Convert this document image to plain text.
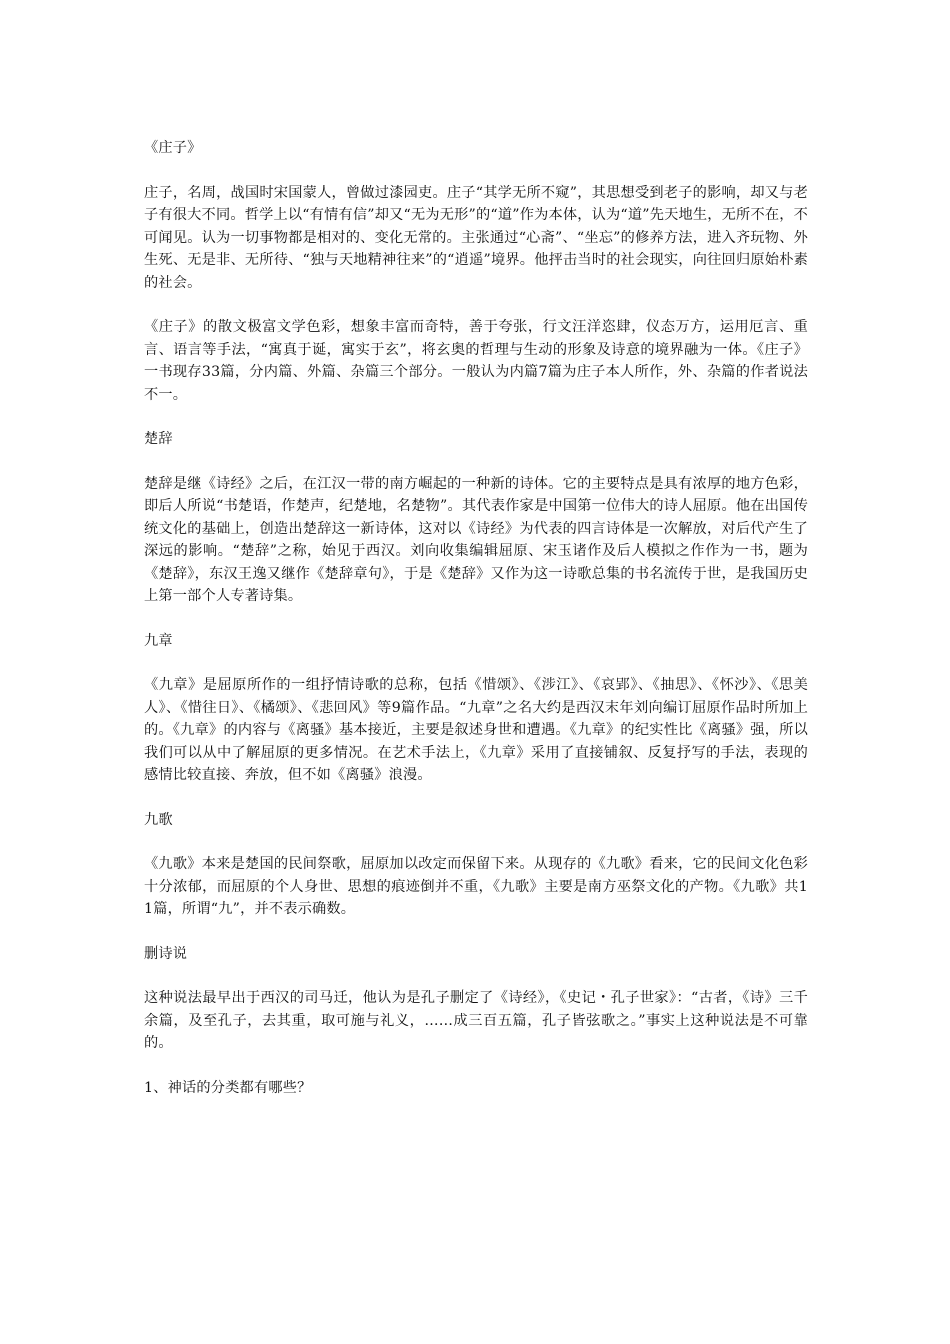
《庄子》
庄子，名周，战国时宋国蒙人，曾做过漆园吏。庄子“其学无所不窥”，其思想受到老子的影响，却又与老子有很大不同。哲学上以“有情有信”却又“无为无形”的“道”作为本体，认为“道”先天地生，无所不在，不可闻见。认为一切事物都是相对的、变化无常的。主张通过“心斋”、“坐忘”的修养方法，进入齐玩物、外生死、无是非、无所待、“独与天地精神往来”的“逍遥”境界。他抨击当时的社会现实，向往回归原始朴素的社会。
《庄子》的散文极富文学色彩，想象丰富而奇特，善于夸张，行文汪洋恣肆，仪态万方，运用厄言、重言、语言等手法，“寓真于诞，寓实于玄”，将玄奥的哲理与生动的形象及诗意的境界融为一体。《庄子》一书现存33篇，分内篇、外篇、杂篇三个部分。一般认为内篇7篇为庄子本人所作，外、杂篇的作者说法不一。
楚辞
楚辞是继《诗经》之后，在江汉一带的南方崛起的一种新的诗体。它的主要特点是具有浓厚的地方色彩，即后人所说“书楚语，作楚声，纪楚地，名楚物”。其代表作家是中国第一位伟大的诗人屈原。他在出国传统文化的基础上，创造出楚辞这一新诗体，这对以《诗经》为代表的四言诗体是一次解放，对后代产生了深远的影响。“楚辞”之称，始见于西汉。刘向收集编辑屈原、宋玉诸作及后人模拟之作作为一书，题为《楚辞》，东汉王逸又继作《楚辞章句》，于是《楚辞》又作为这一诗歌总集的书名流传于世，是我国历史上第一部个人专著诗集。
九章
《九章》是屈原所作的一组抒情诗歌的总称，包括《惜颂》、《涉江》、《哀郢》、《抽思》、《怀沙》、《思美人》、《惜往日》、《橘颂》、《悲回风》等9篇作品。“九章”之名大约是西汉末年刘向编订屈原作品时所加上的。《九章》的内容与《离骚》基本接近，主要是叙述身世和遭遇。《九章》的纪实性比《离骚》强，所以我们可以从中了解屈原的更多情况。在艺术手法上，《九章》采用了直接铺叙、反复抒写的手法，表现的感情比较直接、奔放，但不如《离骚》浪漫。
九歌
《九歌》本来是楚国的民间祭歌，屈原加以改定而保留下来。从现存的《九歌》看来，它的民间文化色彩十分浓郁，而屈原的个人身世、思想的痕迹倒并不重，《九歌》主要是南方巫祭文化的产物。《九歌》共11篇，所谓“九”，并不表示确数。
删诗说
这种说法最早出于西汉的司马迁，他认为是孔子删定了《诗经》，《史记・孔子世家》：“古者，《诗》三千余篇，及至孔子，去其重，取可施与礼义，……成三百五篇，孔子皆弦歌之。”事实上这种说法是不可靠的。
1、神话的分类都有哪些？
